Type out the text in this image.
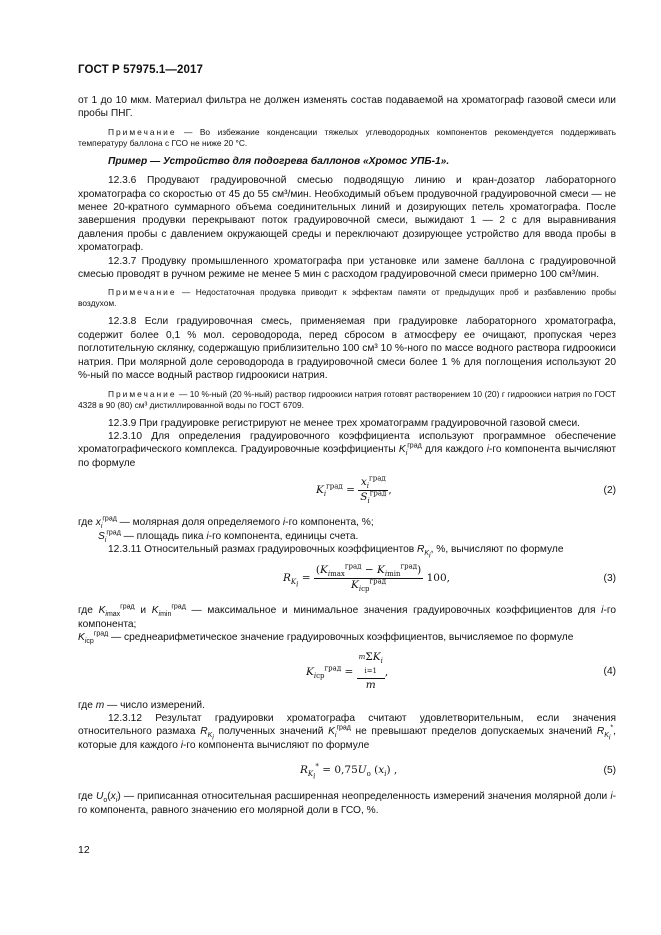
ГОСТ Р 57975.1—2017

от 1 до 10 мкм. Материал фильтра не должен изменять состав подаваемой на хроматограф газовой смеси или пробы ПНГ.

Примечание — Во избежание конденсации тяжелых углеводородных компонентов рекомендуется поддерживать температуру баллона с ГСО не ниже 20 °С.

Пример — Устройство для подогрева баллонов «Хромос УПБ-1».

12.3.6 Продувают градуировочной смесью подводящую линию и кран-дозатор лабораторного хроматографа со скоростью от 45 до 55 см³/мин. Необходимый объем продувочной градуировочной смеси — не менее 20-кратного суммарного объема соединительных линий и дозирующих петель хроматографа. После завершения продувки перекрывают поток градуировочной смеси, выжидают 1 — 2 с для выравнивания давления пробы с давлением окружающей среды и переключают дозирующее устройство для ввода пробы в хроматограф.

12.3.7 Продувку промышленного хроматографа при установке или замене баллона с градуировочной смесью проводят в ручном режиме не менее 5 мин с расходом градуировочной смеси примерно 100 см³/мин.

Примечание — Недостаточная продувка приводит к эффектам памяти от предыдущих проб и разбавлению пробы воздухом.

12.3.8 Если градуировочная смесь, применяемая при градуировке лабораторного хроматографа, содержит более 0,1 % мол. сероводорода, перед сбросом в атмосферу ее очищают, пропуская через поглотительную склянку, содержащую приблизительно 100 см³ 10 %-ного по массе водного раствора гидроокиси натрия. При молярной доле сероводорода в градуировочной смеси более 1 % для поглощения используют 20 %-ный по массе водный раствор гидроокиси натрия.

Примечание — 10 %-ный (20 %-ный) раствор гидроокиси натрия готовят растворением 10 (20) г гидроокиси натрия по ГОСТ 4328 в 90 (80) см³ дистиллированной воды по ГОСТ 6709.

12.3.9 При градуировке регистрируют не менее трех хроматограмм градуировочной газовой смеси.

12.3.10 Для определения градуировочного коэффициента используют программное обеспечение хроматографического комплекса. Градуировочные коэффициенты $K_i^{град}$ для каждого i-го компонента вычисляют по формуле

$K_i^{град} = \frac{x_i^{град}}{S_i^{град}}$ ,	(2)

где $x_i^{град}$ — молярная доля определяемого i-го компонента, %;

$S_i^{град}$ — площадь пика i-го компонента, единицы счета.

12.3.11 Относительный размах градуировочных коэффициентов $R_{K_i}$, %, вычисляют по формуле

$R_{K_i} = \frac{(K_{imax}^{град} - K_{imin}^{град})}{K_{iср}^{град}} 100$,	(3)

где $K_{imax}^{град}$ и $K_{imin}^{град}$ — максимальное и минимальное значения градуировочных коэффициентов для i-го компонента;

$K_{iср}^{град}$ — среднеарифметическое значение градуировочных коэффициентов, вычисляемое по формуле

$K_{iср}^{град}$ =
$^m\Sigma K_i$
i=1
m
,	(4)

где m — число измерений.

12.3.12 Результат градуировки хроматографа считают удовлетворительным, если значения относительного размаха $R_{K_i}$ полученных значений $K_i^{град}$ не превышают пределов допускаемых значений $R_{K_i}^*$, которые для каждого i-го компонента вычисляют по формуле

$R_{K_i}^* = 0,75U_о$ $(x_i)$ ,	(5)

где $U_о(x_i)$ — приписанная относительная расширенная неопределенность измерений значения молярной доли i-го компонента, равного значению его молярной доли в ГСО, %.

12
